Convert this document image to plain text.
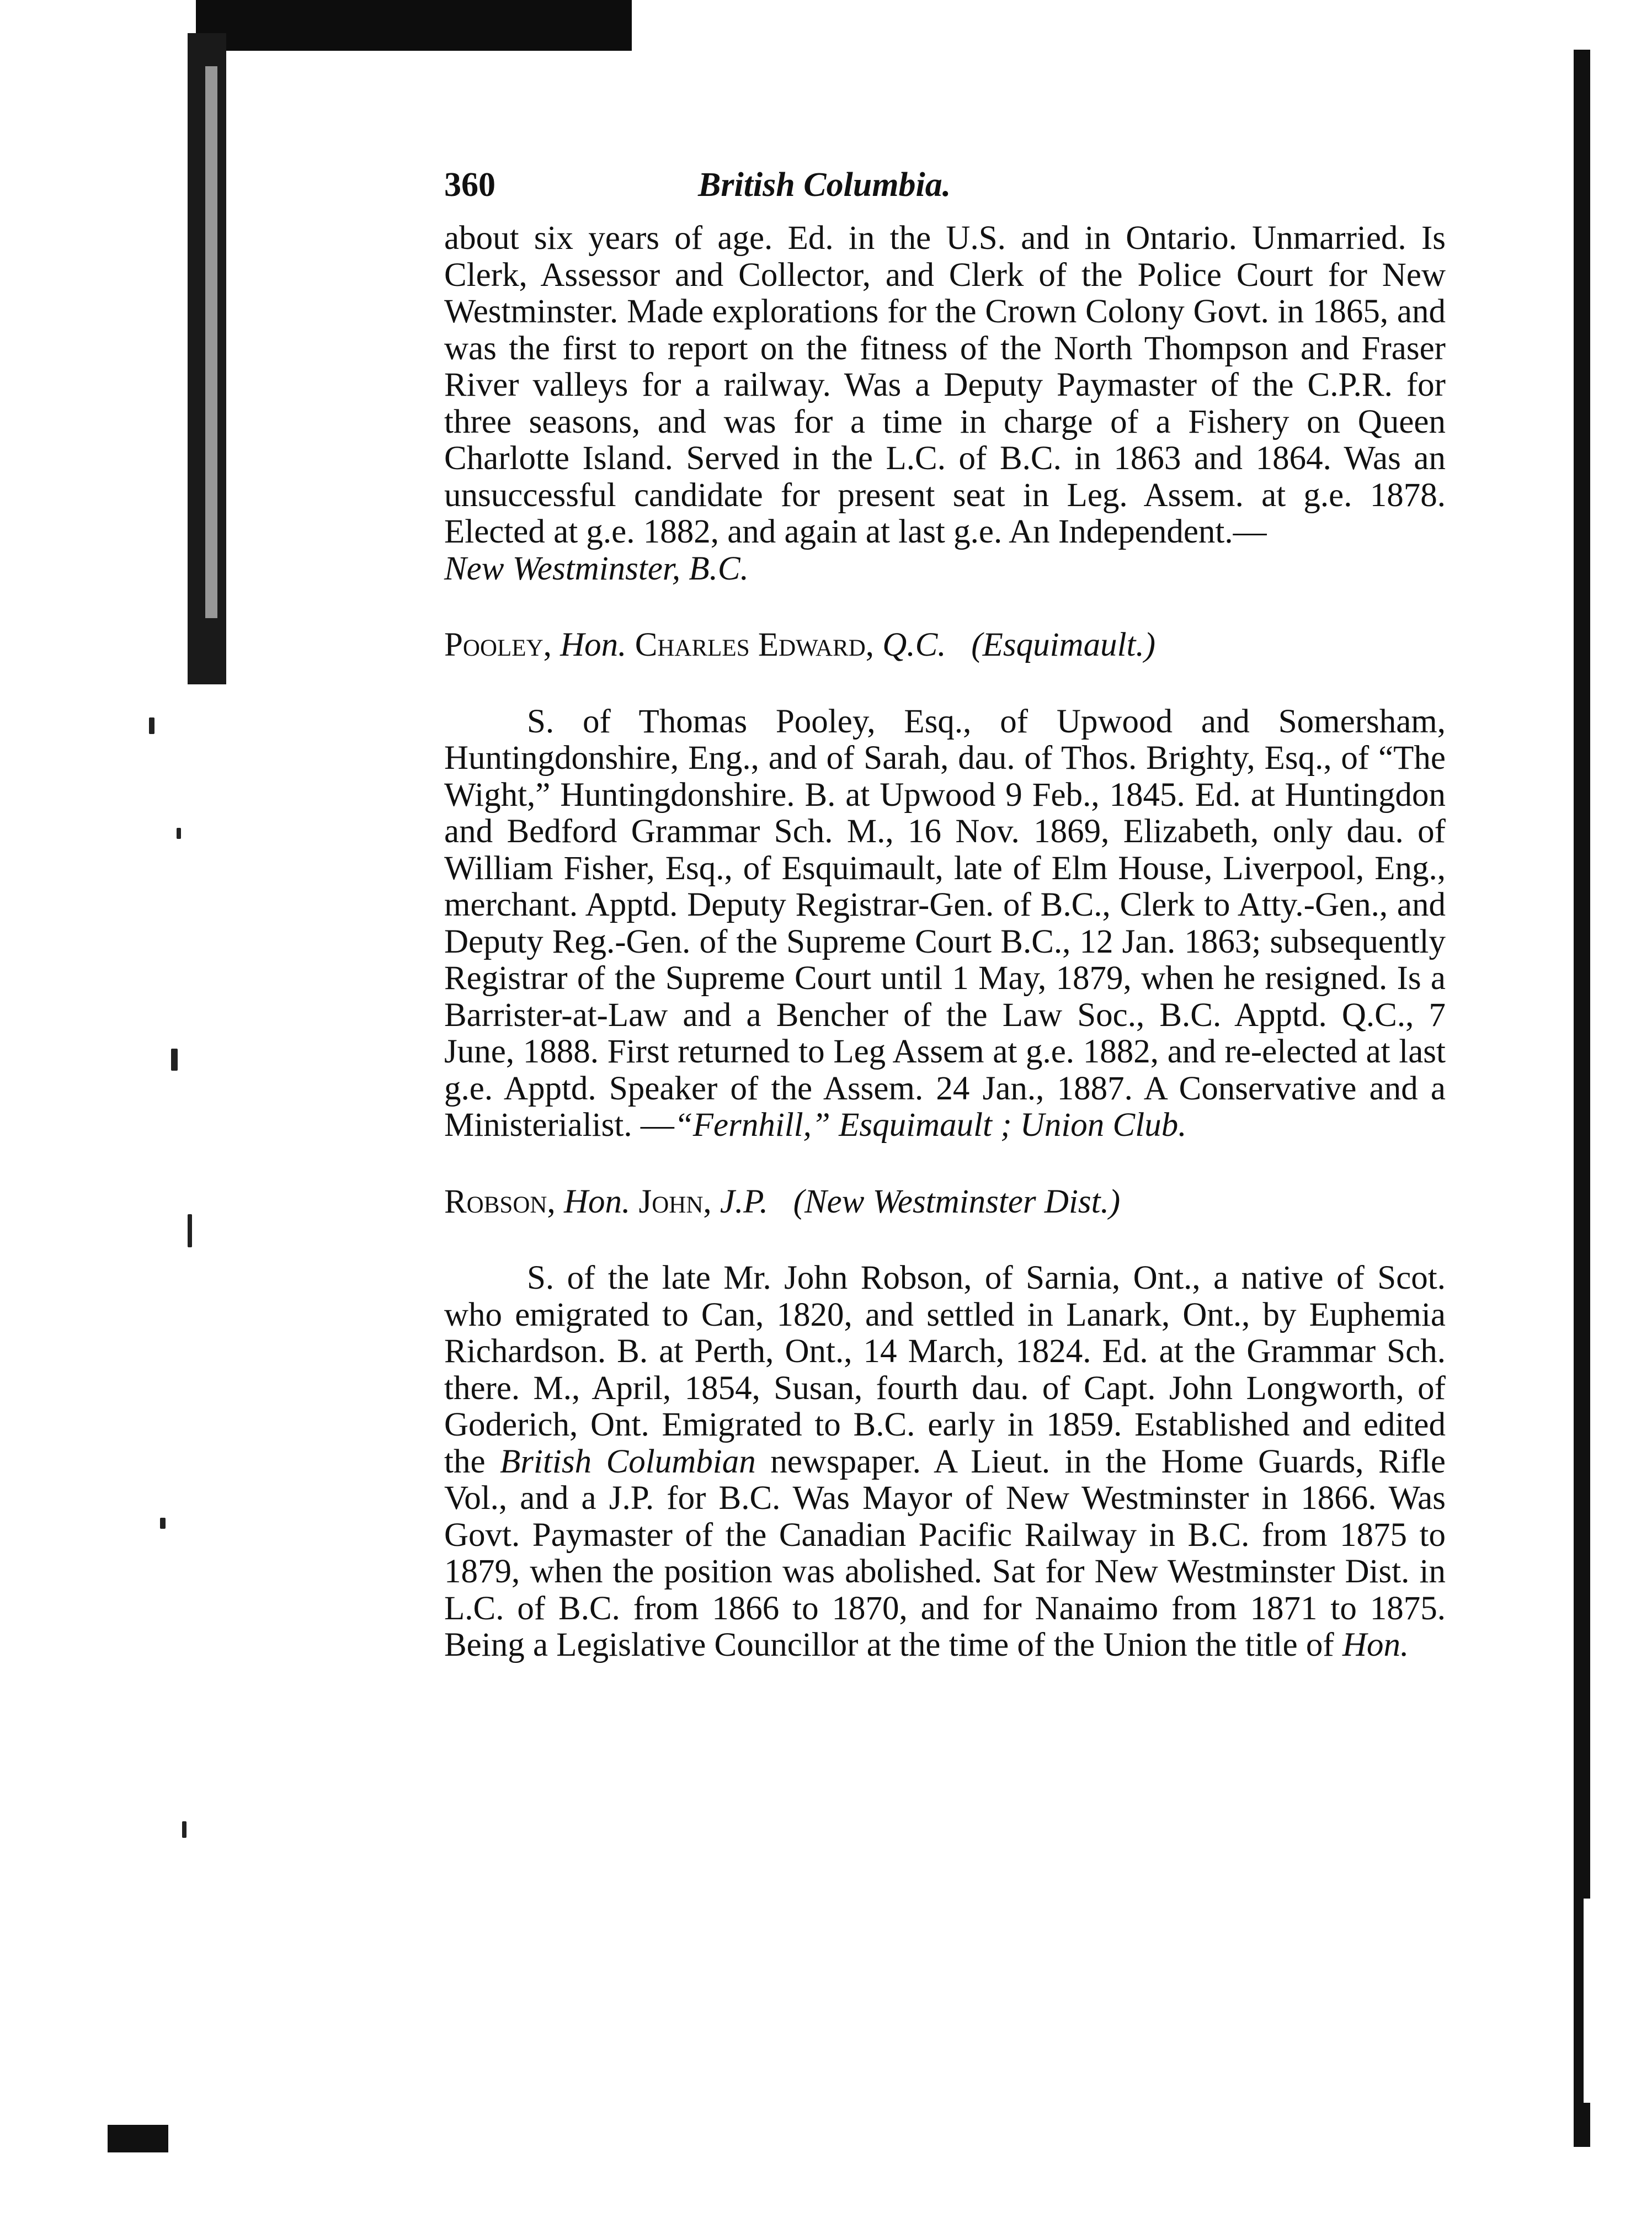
360	British Columbia.

about six years of age. Ed. in the U.S. and in Ontario. Unmarried. Is Clerk, Assessor and Collector, and Clerk of the Police Court for New Westminster. Made explorations for the Crown Colony Govt. in 1865, and was the first to report on the fitness of the North Thompson and Fraser River valleys for a railway. Was a Deputy Paymaster of the C.P.R. for three seasons, and was for a time in charge of a Fishery on Queen Charlotte Island. Served in the L.C. of B.C. in 1863 and 1864. Was an unsuccessful candidate for present seat in Leg. Assem. at g.e. 1878. Elected at g.e. 1882, and again at last g.e. An Independent.—
New Westminster, B.C.

Pooley, Hon. Charles Edward, Q.C. (Esquimault.)

S. of Thomas Pooley, Esq., of Upwood and Somersham, Huntingdonshire, Eng., and of Sarah, dau. of Thos. Brighty, Esq., of “The Wight,” Huntingdonshire. B. at Upwood 9 Feb., 1845. Ed. at Huntingdon and Bedford Grammar Sch. M., 16 Nov. 1869, Elizabeth, only dau. of William Fisher, Esq., of Esquimault, late of Elm House, Liverpool, Eng., merchant. Apptd. Deputy Registrar-Gen. of B.C., Clerk to Atty.-Gen., and Deputy Reg.-Gen. of the Supreme Court B.C., 12 Jan. 1863; subsequently Registrar of the Supreme Court until 1 May, 1879, when he resigned. Is a Barrister-at-Law and a Bencher of the Law Soc., B.C. Apptd. Q.C., 7 June, 1888. First returned to Leg Assem at g.e. 1882, and re-elected at last g.e. Apptd. Speaker of the Assem. 24 Jan., 1887. A Conservative and a Ministerialist. —“Fernhill,” Esquimault ; Union Club.

Robson, Hon. John, J.P. (New Westminster Dist.)

S. of the late Mr. John Robson, of Sarnia, Ont., a native of Scot. who emigrated to Can, 1820, and settled in Lanark, Ont., by Euphemia Richardson. B. at Perth, Ont., 14 March, 1824. Ed. at the Grammar Sch. there. M., April, 1854, Susan, fourth dau. of Capt. John Longworth, of Goderich, Ont. Emigrated to B.C. early in 1859. Established and edited the British Columbian newspaper. A Lieut. in the Home Guards, Rifle Vol., and a J.P. for B.C. Was Mayor of New Westminster in 1866. Was Govt. Paymaster of the Canadian Pacific Railway in B.C. from 1875 to 1879, when the position was abolished. Sat for New Westminster Dist. in L.C. of B.C. from 1866 to 1870, and for Nanaimo from 1871 to 1875. Being a Legislative Councillor at the time of the Union the title of Hon.
